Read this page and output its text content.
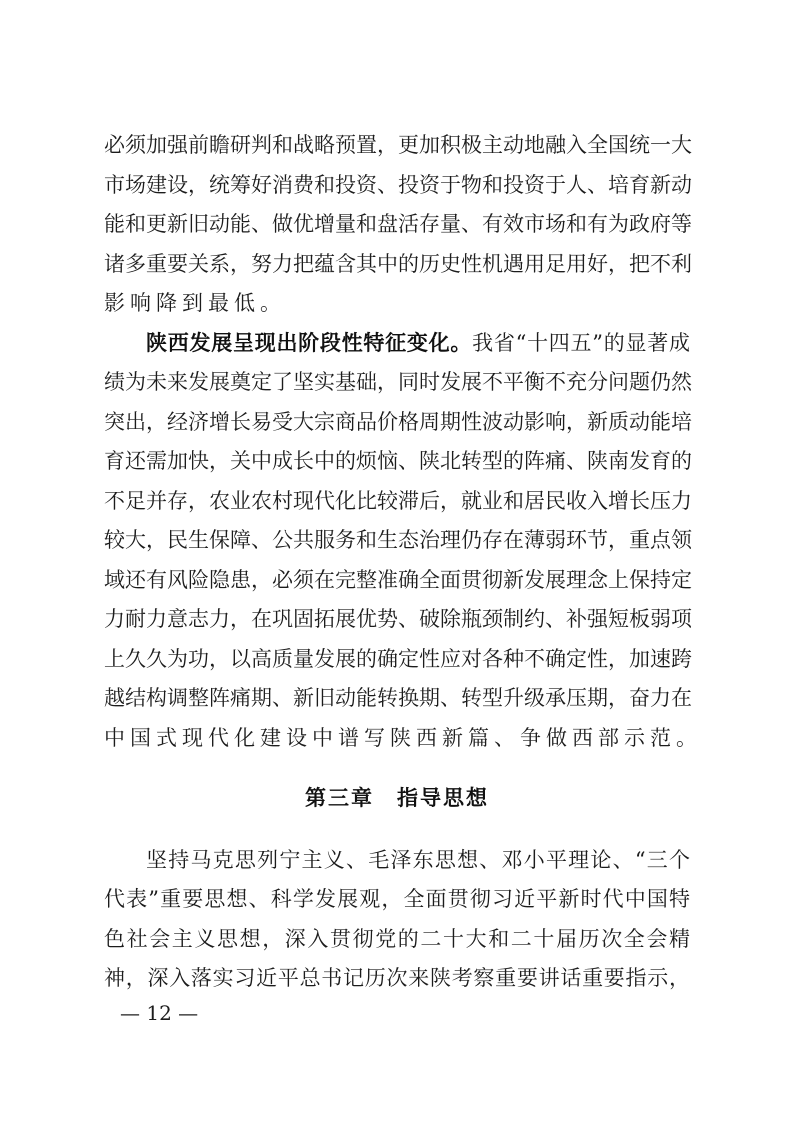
必须加强前瞻研判和战略预置，更加积极主动地融入全国统一大
市场建设，统筹好消费和投资、投资于物和投资于人、培育新动
能和更新旧动能、做优增量和盘活存量、有效市场和有为政府等
诸多重要关系，努力把蕴含其中的历史性机遇用足用好，把不利
影响降到最低。
陕西发展呈现出阶段性特征变化。我省“十四五”的显著成
绩为未来发展奠定了坚实基础，同时发展不平衡不充分问题仍然
突出，经济增长易受大宗商品价格周期性波动影响，新质动能培
育还需加快，关中成长中的烦恼、陕北转型的阵痛、陕南发育的
不足并存，农业农村现代化比较滞后，就业和居民收入增长压力
较大，民生保障、公共服务和生态治理仍存在薄弱环节，重点领
域还有风险隐患，必须在完整准确全面贯彻新发展理念上保持定
力耐力意志力，在巩固拓展优势、破除瓶颈制约、补强短板弱项
上久久为功，以高质量发展的确定性应对各种不确定性，加速跨
越结构调整阵痛期、新旧动能转换期、转型升级承压期，奋力在
中国式现代化建设中谱写陕西新篇、争做西部示范。
第三章　指导思想
坚持马克思列宁主义、毛泽东思想、邓小平理论、“三个
代表”重要思想、科学发展观，全面贯彻习近平新时代中国特
色社会主义思想，深入贯彻党的二十大和二十届历次全会精
神，深入落实习近平总书记历次来陕考察重要讲话重要指示，
— 12 —
